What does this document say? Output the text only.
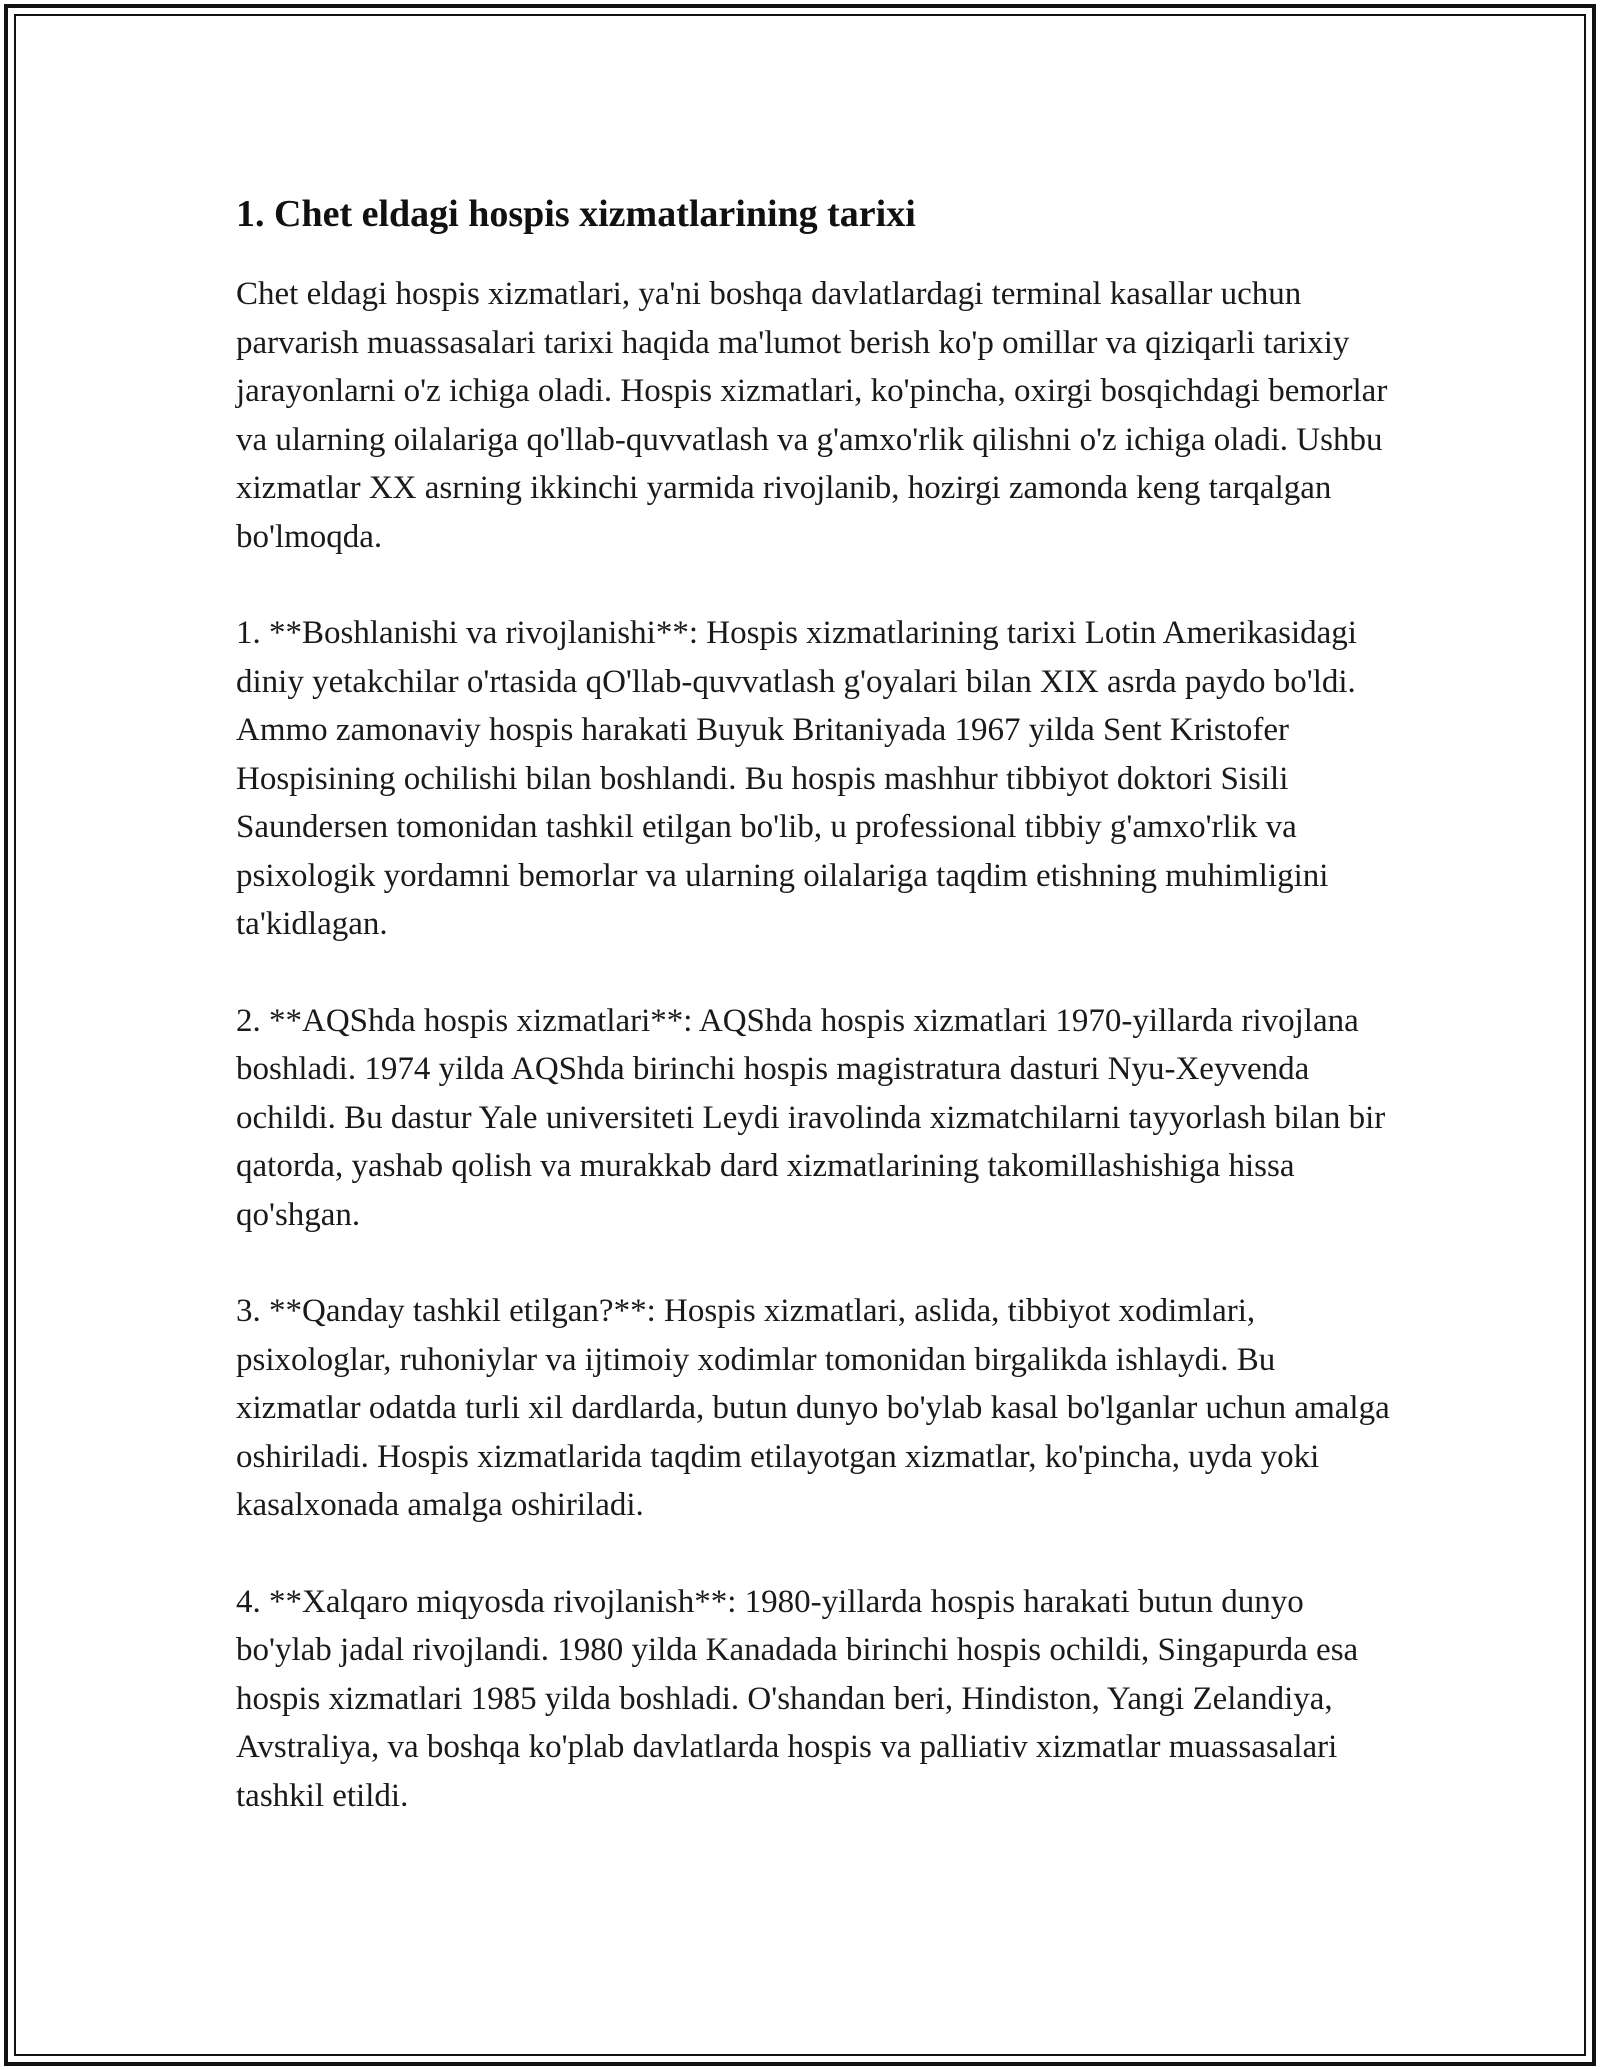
1. Chet eldagi hospis xizmatlarining tarixi

Chet eldagi hospis xizmatlari, ya'ni boshqa davlatlardagi terminal kasallar uchun parvarish muassasalari tarixi haqida ma'lumot berish ko'p omillar va qiziqarli tarixiy jarayonlarni o'z ichiga oladi. Hospis xizmatlari, ko'pincha, oxirgi bosqichdagi bemorlar va ularning oilalariga qo'llab-quvvatlash va g'amxo'rlik qilishni o'z ichiga oladi. Ushbu xizmatlar XX asrning ikkinchi yarmida rivojlanib, hozirgi zamonda keng tarqalgan bo'lmoqda.

1. **Boshlanishi va rivojlanishi**: Hospis xizmatlarining tarixi Lotin Amerikasidagi diniy yetakchilar o'rtasida qO'llab-quvvatlash g'oyalari bilan XIX asrda paydo bo'ldi. Ammo zamonaviy hospis harakati Buyuk Britaniyada 1967 yilda Sent Kristofer Hospisining ochilishi bilan boshlandi. Bu hospis mashhur tibbiyot doktori Sisili Saundersen tomonidan tashkil etilgan bo'lib, u professional tibbiy g'amxo'rlik va psixologik yordamni bemorlar va ularning oilalariga taqdim etishning muhimligini ta'kidlagan.

2. **AQShda hospis xizmatlari**: AQShda hospis xizmatlari 1970-yillarda rivojlana boshladi. 1974 yilda AQShda birinchi hospis magistratura dasturi Nyu-Xeyvenda ochildi. Bu dastur Yale universiteti Leydi iravolinda xizmatchilarni tayyorlash bilan bir qatorda, yashab qolish va murakkab dard xizmatlarining takomillashishiga hissa qo'shgan.

3. **Qanday tashkil etilgan?**: Hospis xizmatlari, aslida, tibbiyot xodimlari, psixologlar, ruhoniylar va ijtimoiy xodimlar tomonidan birgalikda ishlaydi. Bu xizmatlar odatda turli xil dardlarda, butun dunyo bo'ylab kasal bo'lganlar uchun amalga oshiriladi. Hospis xizmatlarida taqdim etilayotgan xizmatlar, ko'pincha, uyda yoki kasalxonada amalga oshiriladi.

4. **Xalqaro miqyosda rivojlanish**: 1980-yillarda hospis harakati butun dunyo bo'ylab jadal rivojlandi. 1980 yilda Kanadada birinchi hospis ochildi, Singapurda esa hospis xizmatlari 1985 yilda boshladi. O'shandan beri, Hindiston, Yangi Zelandiya, Avstraliya, va boshqa ko'plab davlatlarda hospis va palliativ xizmatlar muassasalari tashkil etildi.
